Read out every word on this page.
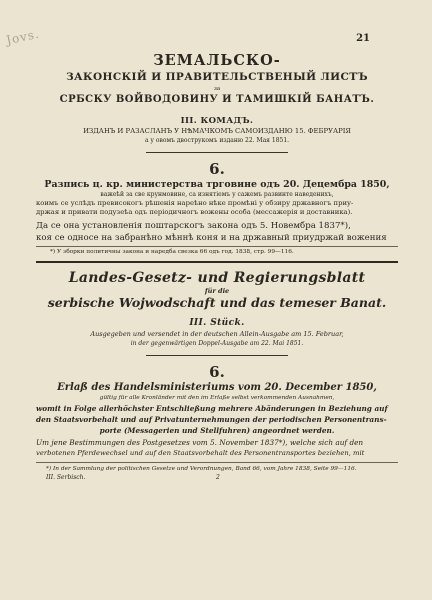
Jovs.	21
ЗЕМАЛЬСКО-
ЗАКОНСКІЙ И ПРАВИТЕЛЬСТВЕНЫЙ ЛИСТЪ
за
СРБСКУ ВОЙВОДОВИНУ И ТАМИШКІЙ БАНАТЪ.
III. КОМАДЪ.
ИЗДАНЪ И РАЗАСЛАНЪ У НѢМАЧКОМЪ САМОИЗДАНЮ 15. ФЕБРУАРІЯ
а у овомъ двострукомъ изданю 22. Мая 1851.
6.
Разпись ц. кр. министерства трговине одъ 20. Децембра 1850,
важеѣй за све крунмовине, са изнятіемъ у сажемъ развинте наведенихъ,
коимъ се услѣдъ превисокогъ рѣшенія нареѣно нѣке промѣні у обзиру државногъ приу-
држая и привати подузеѣа одъ періодичногъ вожены особа (мессажерія и доставника).
Да се она установленія поштарскогъ закона одъ 5. Новембра 1837*),
коя се односе на забранѣно мѣннѣ коня и на државный приудржай вожения
*) У зборки политичны закона и наредба свезка 66 одъ год. 1838, стр. 99—116.
Landes-Gesetz- und Regierungsblatt
für die
serbische Wojwodschaft und das temeser Banat.
III. Stück.
Ausgegeben und versendet in der deutschen Allein-Ausgabe am 15. Februar,
in der gegenwärtigen Doppel-Ausgabe am 22. Mai 1851.
6.
Erlaß des Handelsministeriums vom 20. December 1850,
gültig für alle Kronländer mit den im Erlaße selbst verkommenden Ausnahmen,
womit in Folge allerhöchster Entschließung mehrere Abänderungen in Beziehung auf
den Staatsvorbehalt und auf Privatunternehmungen der periodischen Personentrans-
porte (Messagerien und Stellfuhren) angeordnet werden.
Um jene Bestimmungen des Postgesetzes vom 5. November 1837*), welche sich auf den
verbotenen Pferdewechsel und auf den Staatsvorbehalt des Personentransportes beziehen, mit
*) In der Sammlung der politischen Gesetze und Verordnungen, Band 66, vom Jahre 1838, Seite 99—116.
III. Serbisch.	2
